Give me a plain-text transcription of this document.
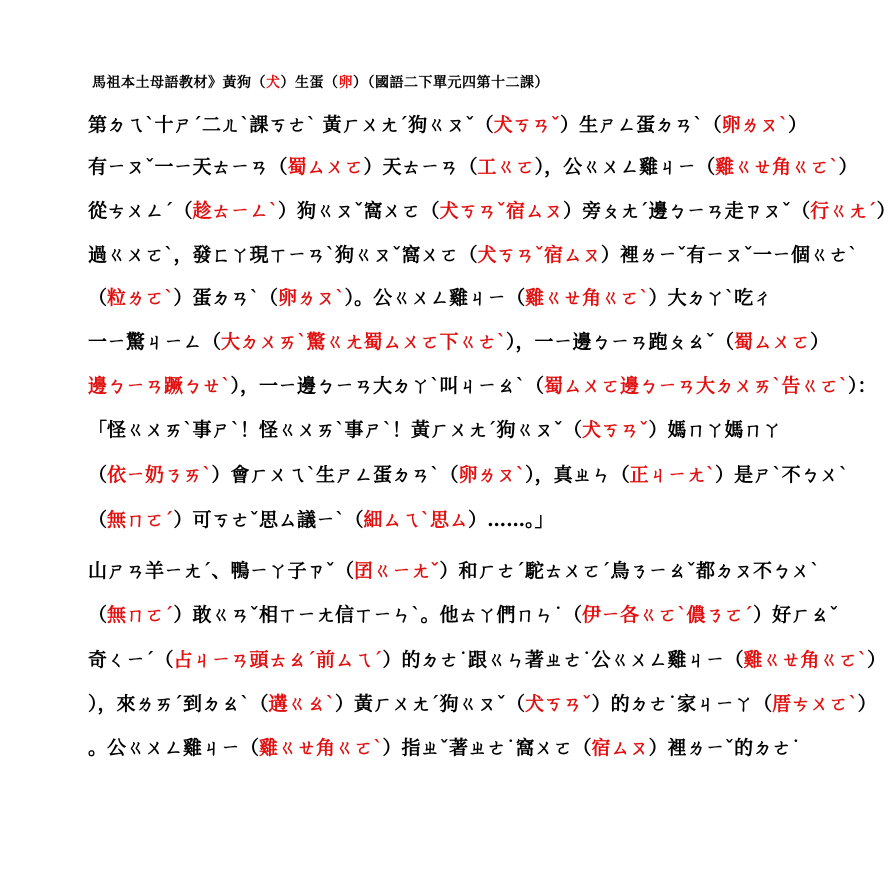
馬祖本土母語教材》黃狗（犬）生蛋（卵）（國語二下單元四第十二課）
第ㄉㄟˋ十ㄕˊ二ㄦˋ課ㄎㄜˋ 黃ㄏㄨㄤˊ狗ㄍㄡˇ（犬ㄎㄢˇ）生ㄕㄥ蛋ㄉㄢˋ（卵ㄌㄡˋ）
有ㄧㄡˇ一ㄧ天ㄊㄧㄢ（蜀ㄙㄨㄛ）天ㄊㄧㄢ（工ㄍㄛ），公ㄍㄨㄥ雞ㄐㄧ（雞ㄍㄝ角ㄍㄛˋ）
從ㄘㄨㄥˊ（趁ㄊㄧㄥˋ）狗ㄍㄡˇ窩ㄨㄛ（犬ㄎㄢˇ宿ㄙㄡ）旁ㄆㄤˊ邊ㄅㄧㄢ走ㄗㄡˇ（行ㄍㄤˊ）
過ㄍㄨㄛˋ，發ㄈㄚ現ㄒㄧㄢˋ狗ㄍㄡˇ窩ㄨㄛ（犬ㄎㄢˇ宿ㄙㄡ）裡ㄌㄧˇ有ㄧㄡˇ一ㄧ個ㄍㄜˋ
（粒ㄌㄛˋ）蛋ㄉㄢˋ（卵ㄌㄡˋ）。公ㄍㄨㄥ雞ㄐㄧ（雞ㄍㄝ角ㄍㄛˋ）大ㄉㄚˋ吃ㄔ
一ㄧ驚ㄐㄧㄥ（大ㄉㄨㄞˋ驚ㄍㄤ蜀ㄙㄨㄛ下ㄍㄜˋ），一ㄧ邊ㄅㄧㄢ跑ㄆㄠˇ（蜀ㄙㄨㄛ）
邊ㄅㄧㄢ蹶ㄅㄝˋ），一ㄧ邊ㄅㄧㄢ大ㄉㄚˋ叫ㄐㄧㄠˋ（蜀ㄙㄨㄛ邊ㄅㄧㄢ大ㄉㄨㄞˋ告ㄍㄛˋ）：
「怪ㄍㄨㄞˋ事ㄕˋ！怪ㄍㄨㄞˋ事ㄕˋ！黃ㄏㄨㄤˊ狗ㄍㄡˇ（犬ㄎㄢˇ）媽ㄇㄚ媽ㄇㄚ
（依ㄧ奶ㄋㄞˋ）會ㄏㄨㄟˋ生ㄕㄥ蛋ㄉㄢˋ（卵ㄌㄡˋ），真ㄓㄣ（正ㄐㄧㄤˋ）是ㄕˋ不ㄅㄨˋ
（無ㄇㄛˊ）可ㄎㄜˇ思ㄙ議ㄧˋ（細ㄙㄟˋ思ㄙ）……。」
山ㄕㄢ羊ㄧㄤˊ、鴨ㄧㄚ子ㄗˇ（囝ㄍㄧㄤˇ）和ㄏㄜˊ駝ㄊㄨㄛˊ鳥ㄋㄧㄠˇ都ㄉㄡ不ㄅㄨˋ
（無ㄇㄛˊ）敢ㄍㄢˇ相ㄒㄧㄤ信ㄒㄧㄣˋ。他ㄊㄚ們ㄇㄣ˙（伊ㄧ各ㄍㄛˋ儂ㄋㄛˊ）好ㄏㄠˇ
奇ㄑㄧˊ（占ㄐㄧㄢ頭ㄊㄠˊ前ㄙㄟˊ）的ㄉㄜ˙跟ㄍㄣ著ㄓㄜ˙公ㄍㄨㄥ雞ㄐㄧ（雞ㄍㄝ角ㄍㄛˋ）
），來ㄌㄞˊ到ㄉㄠˋ（遘ㄍㄠˋ）黃ㄏㄨㄤˊ狗ㄍㄡˇ（犬ㄎㄢˇ）的ㄉㄜ˙家ㄐㄧㄚ（厝ㄘㄨㄛˋ）
。公ㄍㄨㄥ雞ㄐㄧ（雞ㄍㄝ角ㄍㄛˋ）指ㄓˇ著ㄓㄜ˙窩ㄨㄛ（宿ㄙㄡ）裡ㄌㄧˇ的ㄉㄜ˙
